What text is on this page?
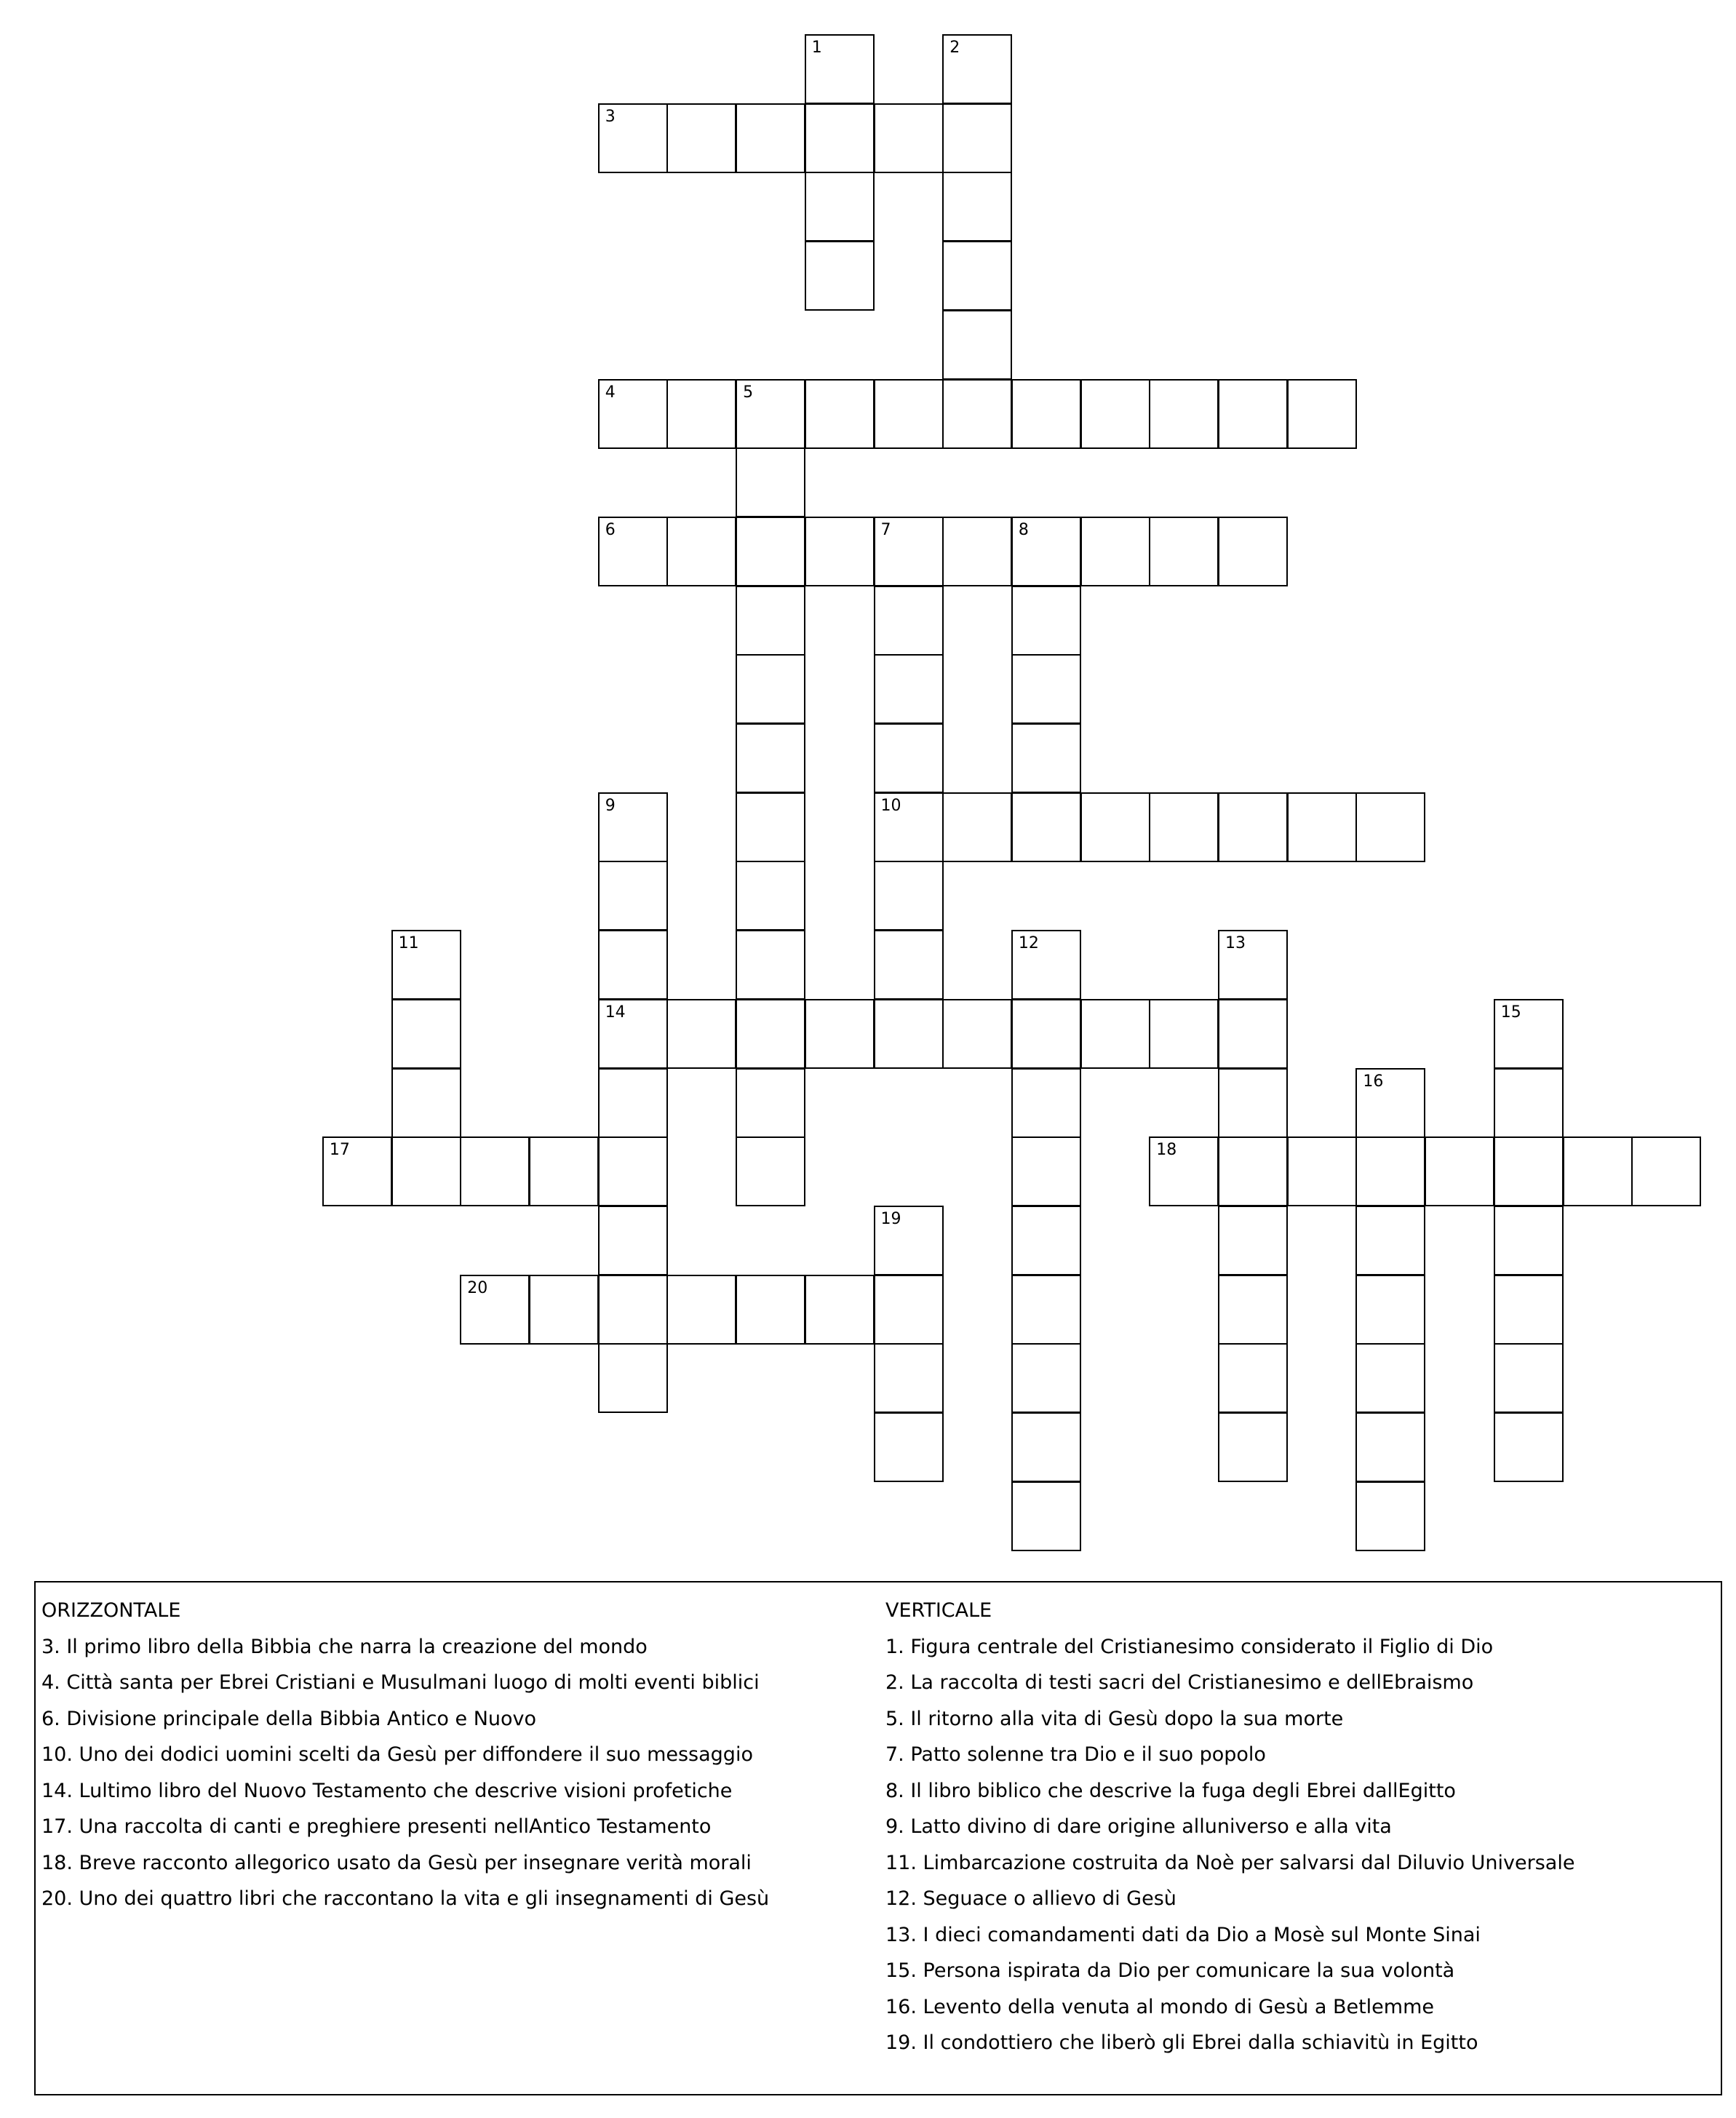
3
4	5
6	7	8
10
14
17	18
20
1	2
9
11	12	13
15
16
19
ORIZZONTALE
3. Il primo libro della Bibbia che narra la creazione del mondo
4. Città santa per Ebrei Cristiani e Musulmani luogo di molti eventi biblici
6. Divisione principale della Bibbia Antico e Nuovo
10. Uno dei dodici uomini scelti da Gesù per diffondere il suo messaggio
14. Lultimo libro del Nuovo Testamento che descrive visioni profetiche
17. Una raccolta di canti e preghiere presenti nellAntico Testamento
18. Breve racconto allegorico usato da Gesù per insegnare verità morali
20. Uno dei quattro libri che raccontano la vita e gli insegnamenti di Gesù
VERTICALE
1. Figura centrale del Cristianesimo considerato il Figlio di Dio
2. La raccolta di testi sacri del Cristianesimo e dellEbraismo
5. Il ritorno alla vita di Gesù dopo la sua morte
7. Patto solenne tra Dio e il suo popolo
8. Il libro biblico che descrive la fuga degli Ebrei dallEgitto
9. Latto divino di dare origine alluniverso e alla vita
11. Limbarcazione costruita da Noè per salvarsi dal Diluvio Universale
12. Seguace o allievo di Gesù
13. I dieci comandamenti dati da Dio a Mosè sul Monte Sinai
15. Persona ispirata da Dio per comunicare la sua volontà
16. Levento della venuta al mondo di Gesù a Betlemme
19. Il condottiero che liberò gli Ebrei dalla schiavitù in Egitto
